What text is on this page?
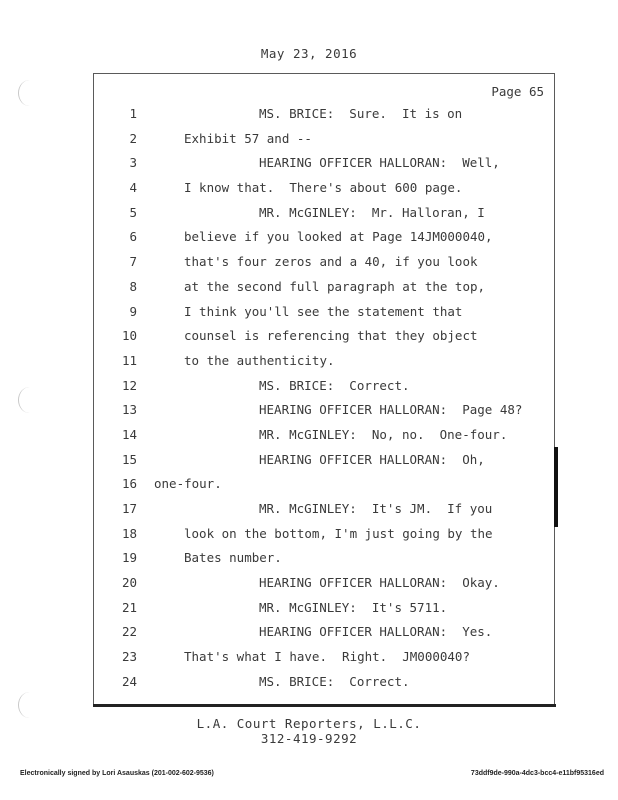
May 23, 2016
Page 65
1	MS. BRICE:  Sure.  It is on
2	Exhibit 57 and --
3	HEARING OFFICER HALLORAN:  Well,
4	I know that.  There's about 600 page.
5	MR. McGINLEY:  Mr. Halloran, I
6	believe if you looked at Page 14JM000040,
7	that's four zeros and a 40, if you look
8	at the second full paragraph at the top,
9	I think you'll see the statement that
10	counsel is referencing that they object
11	to the authenticity.
12	MS. BRICE:  Correct.
13	HEARING OFFICER HALLORAN:  Page 48?
14	MR. McGINLEY:  No, no.  One-four.
15	HEARING OFFICER HALLORAN:  Oh,
16 one-four.
17	MR. McGINLEY:  It's JM.  If you
18	look on the bottom, I'm just going by the
19	Bates number.
20	HEARING OFFICER HALLORAN:  Okay.
21	MR. McGINLEY:  It's 5711.
22	HEARING OFFICER HALLORAN:  Yes.
23	That's what I have.  Right.  JM000040?
24	MS. BRICE:  Correct.
L.A. Court Reporters, L.L.C.
312-419-9292
Electronically signed by Lori Asauskas (201-002-602-9536)	73ddf9de-990a-4dc3-bcc4-e11bf95316ed
